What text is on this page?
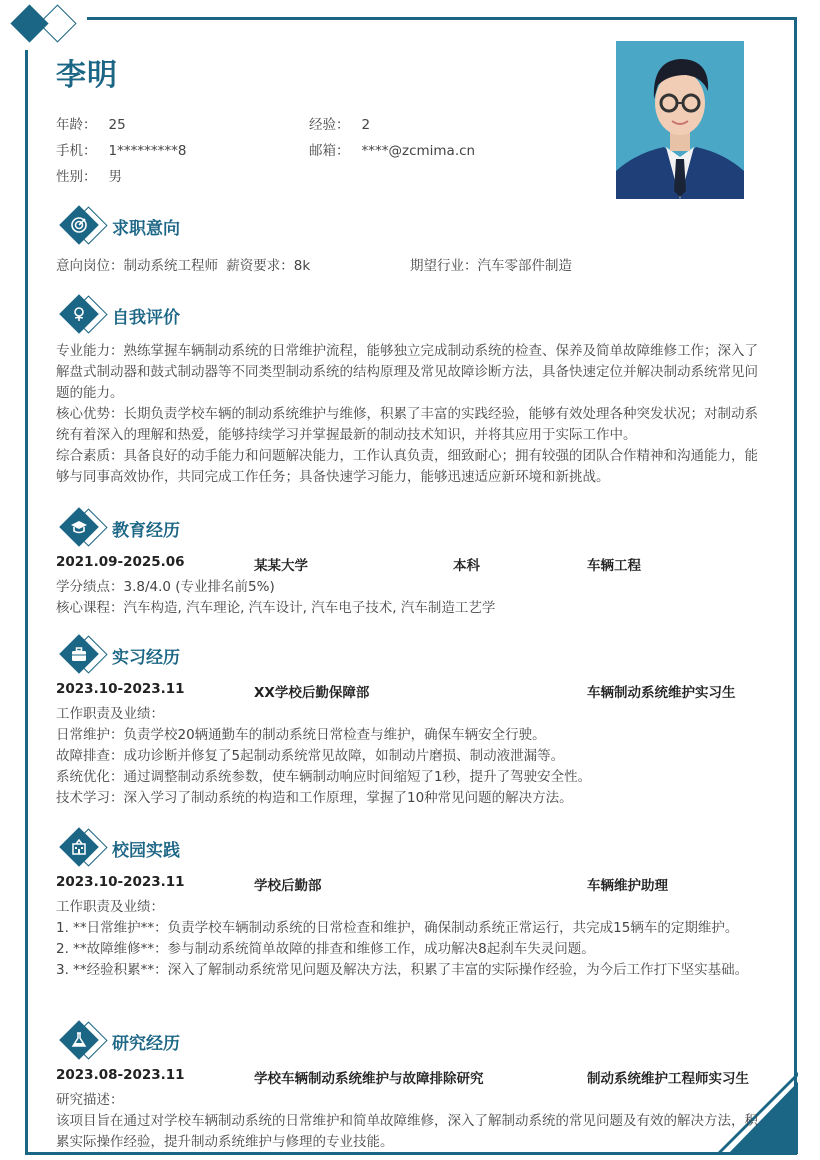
李明
年龄： 25	经验： 2
手机： 1*********8	邮箱： ****@zcmima.cn
性别： 男
求职意向
意向岗位：制动系统工程师 薪资要求：8k	期望行业：汽车零部件制造
自我评价
专业能力：熟练掌握车辆制动系统的日常维护流程，能够独立完成制动系统的检查、保养及简单故障维修工作；深入了解盘式制动器和鼓式制动器等不同类型制动系统的结构原理及常见故障诊断方法，具备快速定位并解决制动系统常见问题的能力。
核心优势：长期负责学校车辆的制动系统维护与维修，积累了丰富的实践经验，能够有效处理各种突发状况；对制动系统有着深入的理解和热爱，能够持续学习并掌握最新的制动技术知识，并将其应用于实际工作中。
综合素质：具备良好的动手能力和问题解决能力，工作认真负责，细致耐心；拥有较强的团队合作精神和沟通能力，能够与同事高效协作，共同完成工作任务；具备快速学习能力，能够迅速适应新环境和新挑战。
教育经历
2021.09-2025.06	某某大学	本科	车辆工程
学分绩点：3.8/4.0 (专业排名前5%)
核心课程：汽车构造, 汽车理论, 汽车设计, 汽车电子技术, 汽车制造工艺学
实习经历
2023.10-2023.11	XX学校后勤保障部	车辆制动系统维护实习生
工作职责及业绩：
日常维护：负责学校20辆通勤车的制动系统日常检查与维护，确保车辆安全行驶。
故障排查：成功诊断并修复了5起制动系统常见故障，如制动片磨损、制动液泄漏等。
系统优化：通过调整制动系统参数，使车辆制动响应时间缩短了1秒，提升了驾驶安全性。
技术学习：深入学习了制动系统的构造和工作原理，掌握了10种常见问题的解决方法。
校园实践
2023.10-2023.11	学校后勤部	车辆维护助理
工作职责及业绩：
1. **日常维护**：负责学校车辆制动系统的日常检查和维护，确保制动系统正常运行，共完成15辆车的定期维护。
2. **故障维修**：参与制动系统简单故障的排查和维修工作，成功解决8起刹车失灵问题。
3. **经验积累**：深入了解制动系统常见问题及解决方法，积累了丰富的实际操作经验，为今后工作打下坚实基础。
研究经历
2023.08-2023.11	学校车辆制动系统维护与故障排除研究	制动系统维护工程师实习生
研究描述：
该项目旨在通过对学校车辆制动系统的日常维护和简单故障维修，深入了解制动系统的常见问题及有效的解决方法，积累实际操作经验，提升制动系统维护与修理的专业技能。
